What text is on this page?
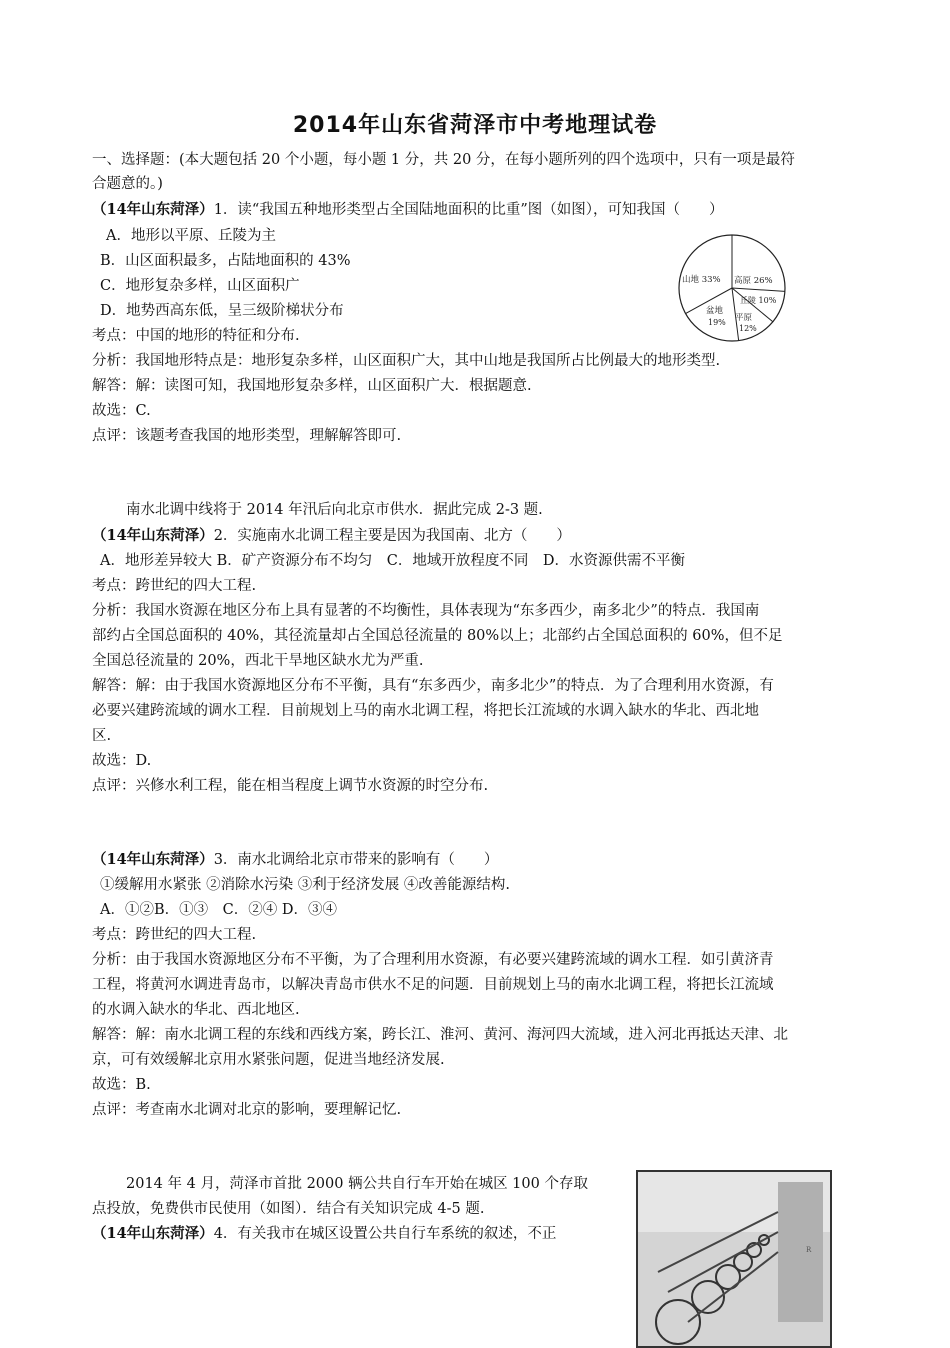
2014年山东省菏泽市中考地理试卷
一、选择题：(本大题包括 20 个小题，每小题 1 分，共 20 分，在每小题所列的四个选项中，只有一项是最符
合题意的。)
（14年山东菏泽）1．读“我国五种地形类型占全国陆地面积的比重”图（如图），可知我国（　　）
A．地形以平原、丘陵为主
B．山区面积最多，占陆地面积的 43%
C．地形复杂多样，山区面积广
D．地势西高东低，呈三级阶梯状分布
考点：中国的地形的特征和分布.
分析：我国地形特点是：地形复杂多样，山区面积广大，其中山地是我国所占比例最大的地形类型.
解答：解：读图可知，我国地形复杂多样，山区面积广大．根据题意.
故选：C.
点评：该题考查我国的地形类型，理解解答即可.
山地 33% 高原 26%
丘陵 10%
平原
12%
盆地
19%
南水北调中线将于 2014 年汛后向北京市供水．据此完成 2-3 题.
（14年山东菏泽）2．实施南水北调工程主要是因为我国南、北方（　　）
A．地形差异较大 B．矿产资源分布不均匀　C．地域开放程度不同　D．水资源供需不平衡
考点：跨世纪的四大工程.
分析：我国水资源在地区分布上具有显著的不均衡性，具体表现为“东多西少，南多北少”的特点．我国南
部约占全国总面积的 40%，其径流量却占全国总径流量的 80%以上；北部约占全国总面积的 60%，但不足
全国总径流量的 20%，西北干旱地区缺水尤为严重.
解答：解：由于我国水资源地区分布不平衡，具有“东多西少，南多北少”的特点．为了合理利用水资源，有
必要兴建跨流域的调水工程．目前规划上马的南水北调工程，将把长江流域的水调入缺水的华北、西北地
区.
故选：D.
点评：兴修水利工程，能在相当程度上调节水资源的时空分布.
（14年山东菏泽）3．南水北调给北京市带来的影响有（　　）
①缓解用水紧张 ②消除水污染 ③利于经济发展 ④改善能源结构.
A．①②B．①③　C．②④ D．③④
考点：跨世纪的四大工程.
分析：由于我国水资源地区分布不平衡，为了合理利用水资源，有必要兴建跨流域的调水工程．如引黄济青
工程，将黄河水调进青岛市，以解决青岛市供水不足的问题．目前规划上马的南水北调工程，将把长江流域
的水调入缺水的华北、西北地区.
解答：解：南水北调工程的东线和西线方案，跨长江、淮河、黄河、海河四大流域，进入河北再抵达天津、北
京，可有效缓解北京用水紧张问题，促进当地经济发展.
故选：B.
点评：考查南水北调对北京的影响，要理解记忆.
2014 年 4 月，菏泽市首批 2000 辆公共自行车开始在城区 100 个存取
点投放，免费供市民使用（如图）．结合有关知识完成 4-5 题.
（14年山东菏泽）4．有关我市在城区设置公共自行车系统的叙述，不正
R
